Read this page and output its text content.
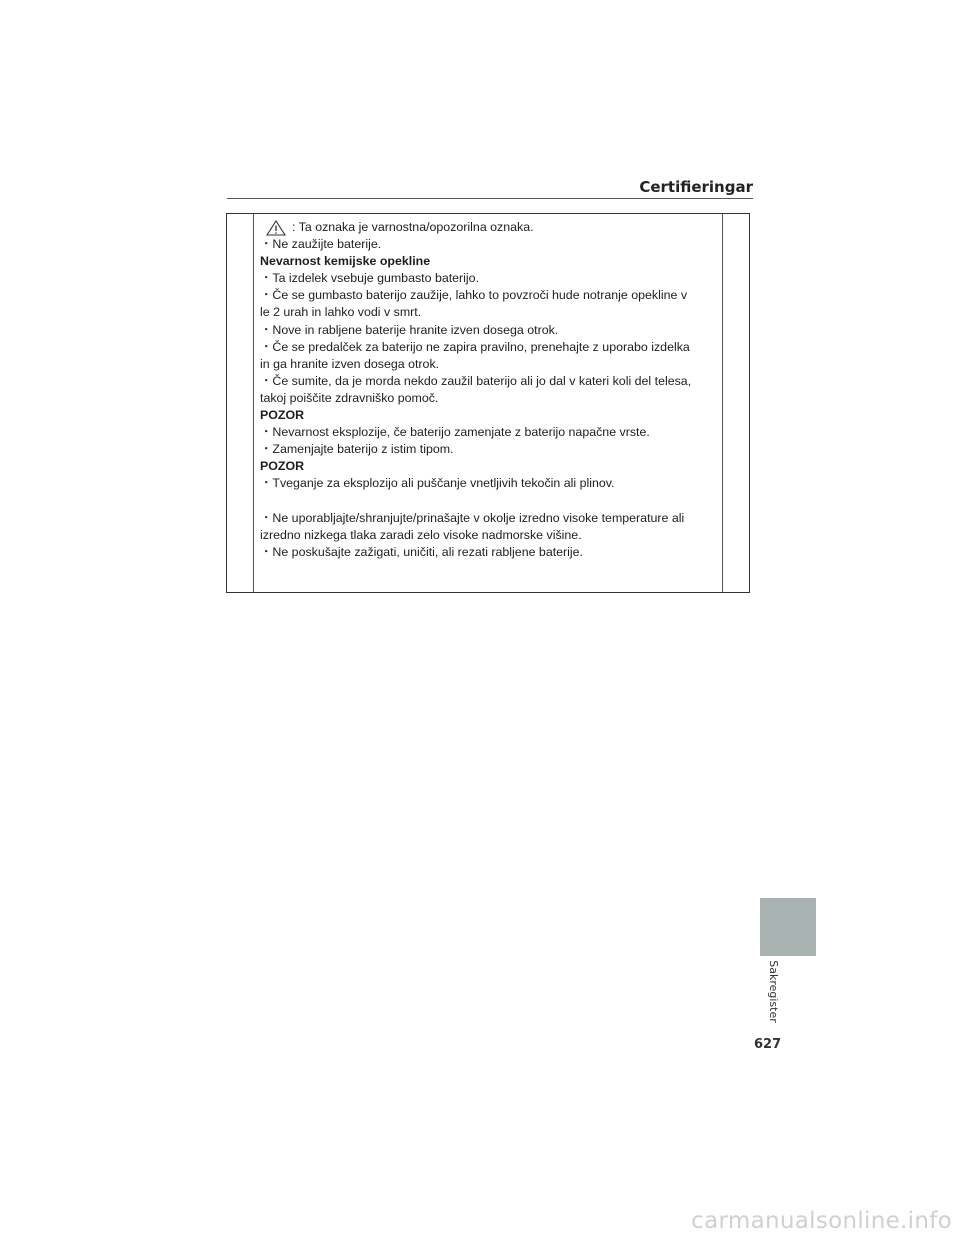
Certifieringar

: Ta oznaka je varnostna/opozorilna oznaka.

・Ne zaužijte baterije.

Nevarnost kemijske opekline

・Ta izdelek vsebuje gumbasto baterijo.

・Če se gumbasto baterijo zaužije, lahko to povzroči hude notranje opekline v

le 2 urah in lahko vodi v smrt.

・Nove in rabljene baterije hranite izven dosega otrok.

・Če se predalček za baterijo ne zapira pravilno, prenehajte z uporabo izdelka

in ga hranite izven dosega otrok.

・Če sumite, da je morda nekdo zaužil baterijo ali jo dal v kateri koli del telesa,

takoj poiščite zdravniško pomoč.

POZOR

・Nevarnost eksplozije, če baterijo zamenjate z baterijo napačne vrste.

・Zamenjajte baterijo z istim tipom.

POZOR

・Tveganje za eksplozijo ali puščanje vnetljivih tekočin ali plinov.

・Ne uporabljajte/shranjujte/prinašajte v okolje izredno visoke temperature ali

izredno nizkega tlaka zaradi zelo visoke nadmorske višine.

・Ne poskušajte zažigati, uničiti, ali rezati rabljene baterije.

Sakregister
627
carmanualsonline.info
